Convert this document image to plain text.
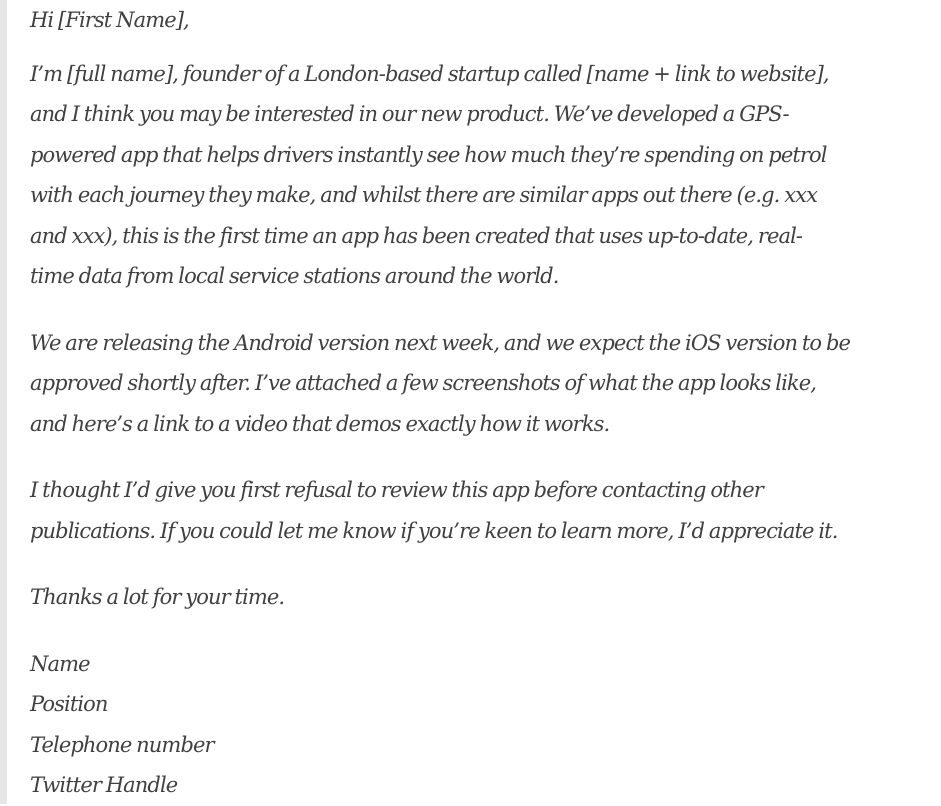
Hi [First Name],
I’m [full name], founder of a London-based startup called [name + link to website],
and I think you may be interested in our new product. We’ve developed a GPS-
powered app that helps drivers instantly see how much they’re spending on petrol
with each journey they make, and whilst there are similar apps out there (e.g. xxx
and xxx), this is the first time an app has been created that uses up-to-date, real-
time data from local service stations around the world.
We are releasing the Android version next week, and we expect the iOS version to be
approved shortly after. I’ve attached a few screenshots of what the app looks like,
and here’s a link to a video that demos exactly how it works.
I thought I’d give you first refusal to review this app before contacting other
publications. If you could let me know if you’re keen to learn more, I’d appreciate it.
Thanks a lot for your time.
Name
Position
Telephone number
Twitter Handle
